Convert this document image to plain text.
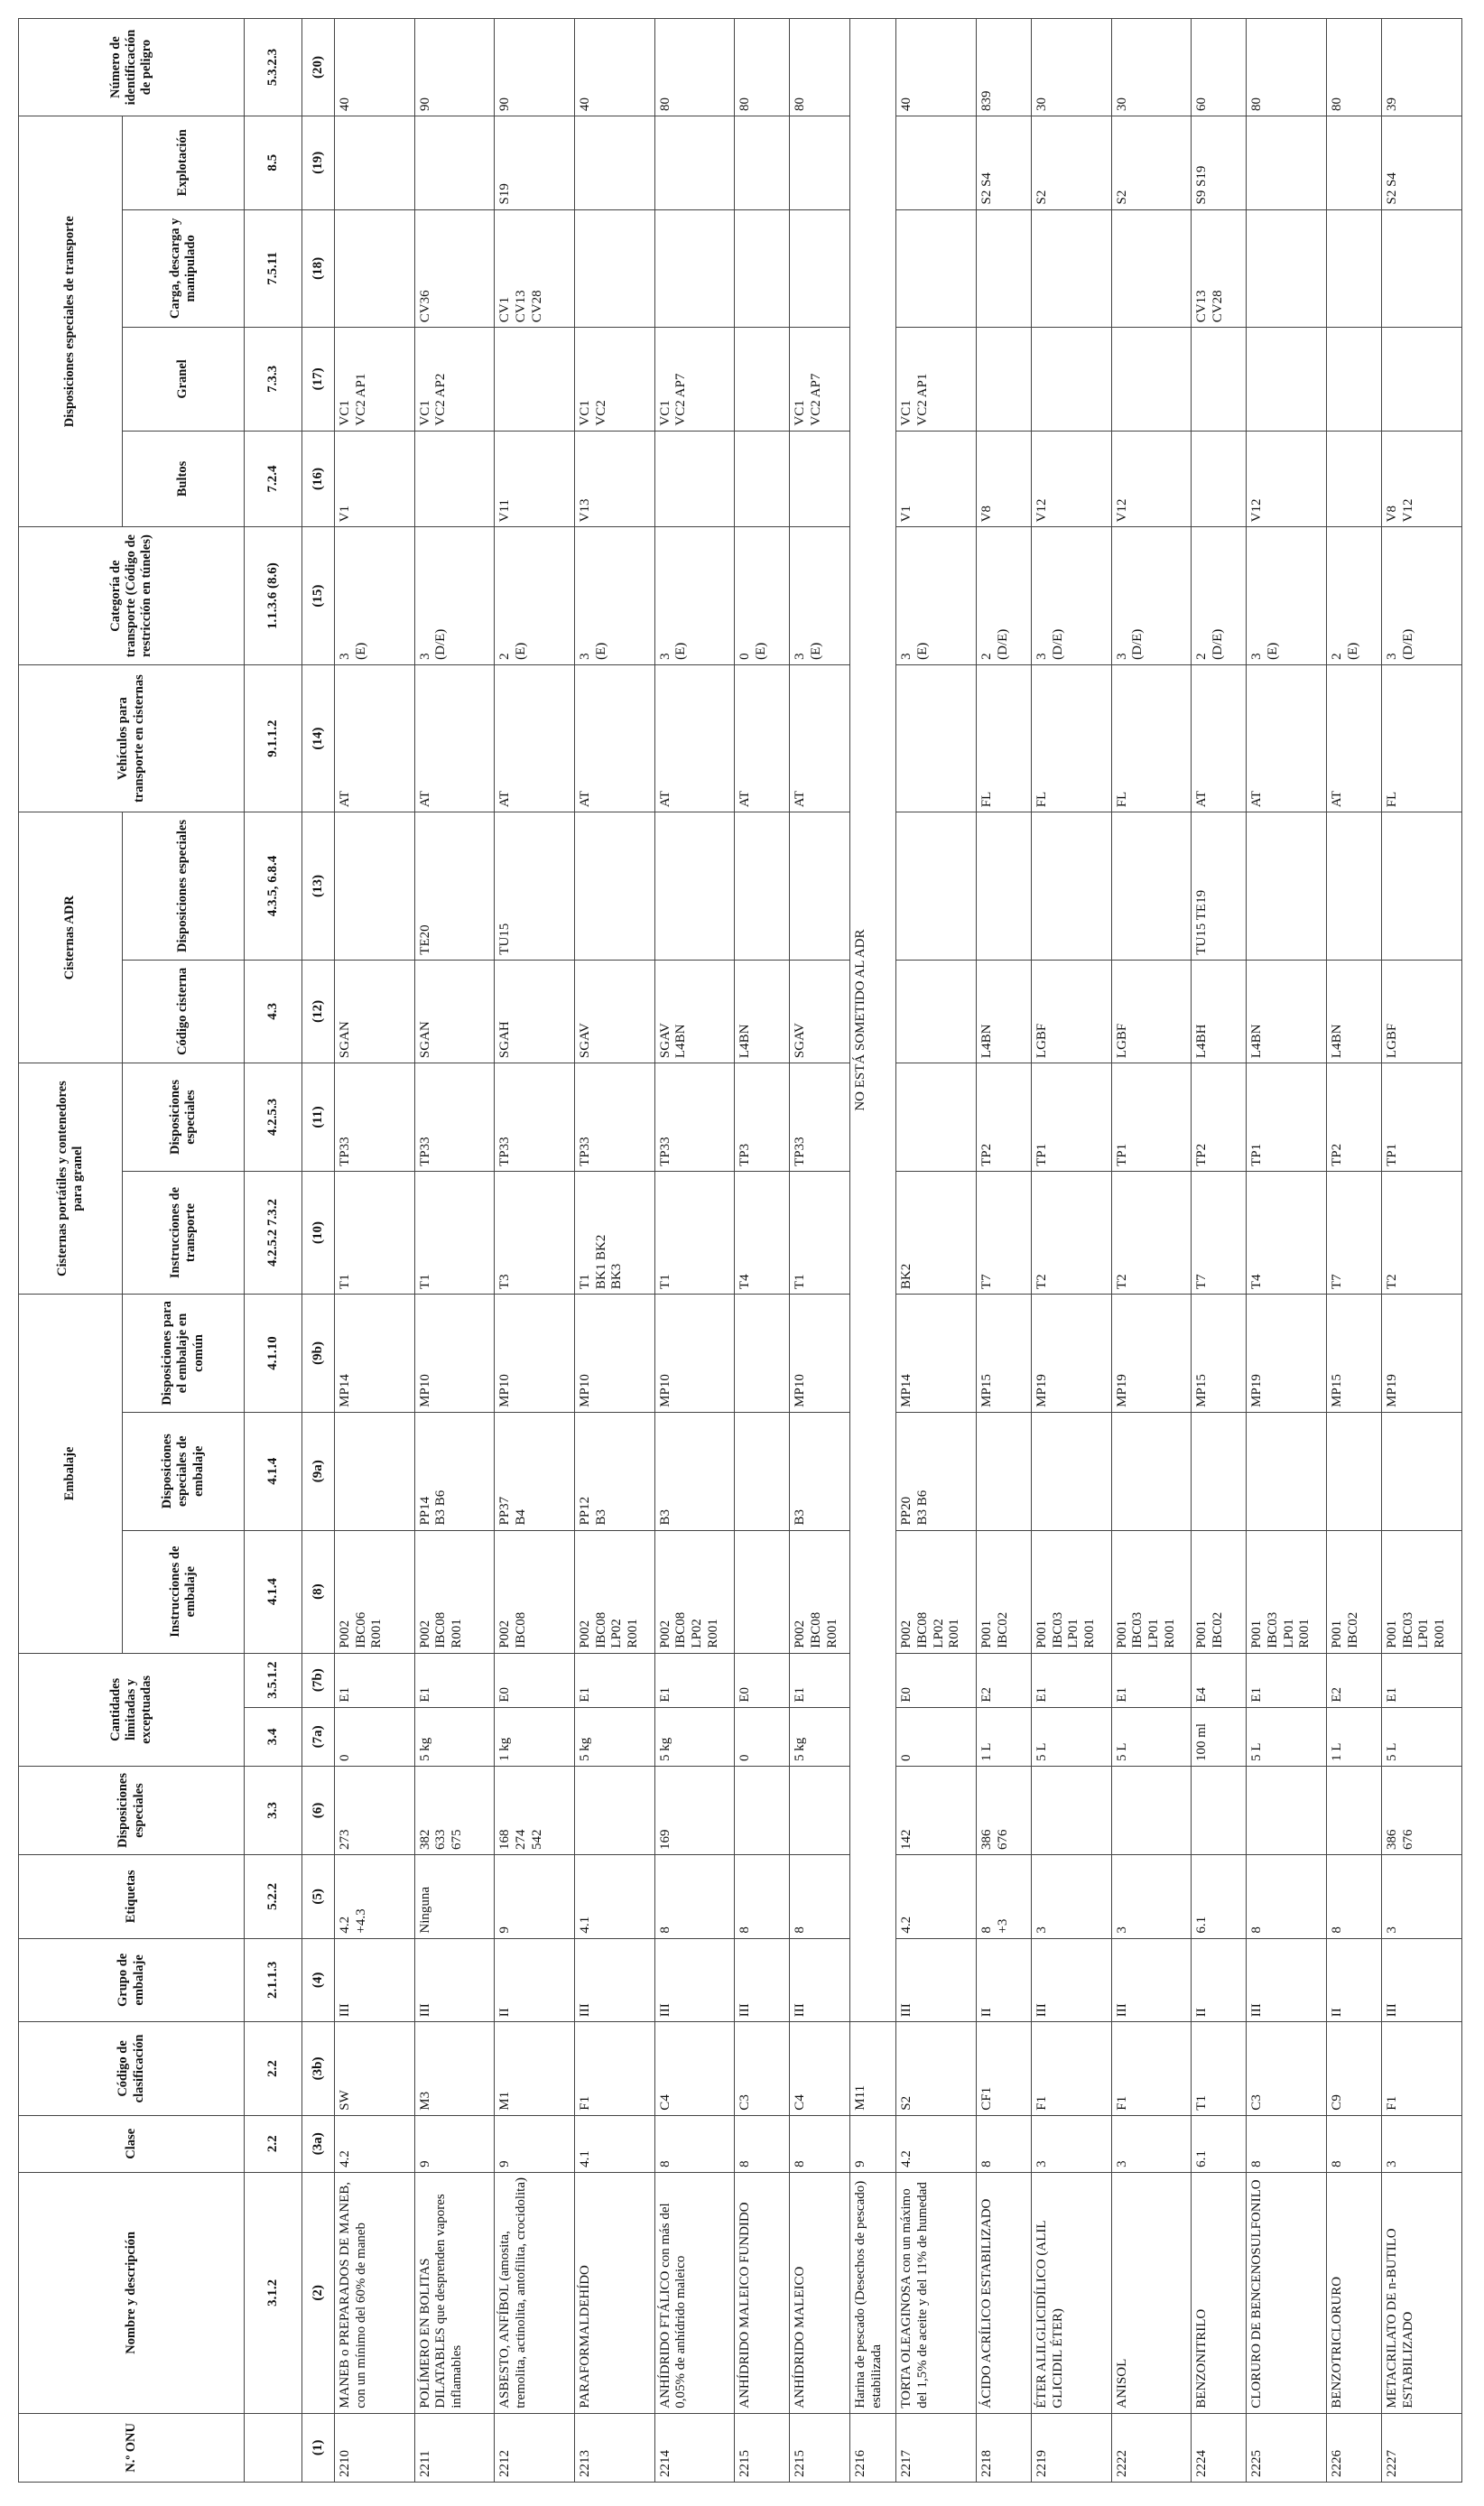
N.º ONU	Nombre y descripción	Clase	Código de clasificación	Grupo de embalaje	Etiquetas	Disposiciones especiales	Cantidades limitadas y exceptuadas		Embalaje			Cisternas portátiles y contenedores para granel		Cisternas ADR		Vehículos para transporte en cisternas	Categoría de transporte (Código de restricción en túneles)	Disposiciones especiales de transporte				Número de identificación de peligro
									Instrucciones de embalaje	Disposiciones especiales de embalaje	Disposiciones para el embalaje en común	Instrucciones de transporte	Disposiciones especiales	Código cisterna	Disposiciones especiales			Bultos	Granel	Carga, descarga y manipulado	Explotación	

	3.1.2	2.2	2.2	2.1.1.3	5.2.2	3.3	3.4	3.5.1.2	4.1.4	4.1.4	4.1.10	4.2.5.2 7.3.2	4.2.5.3	4.3	4.3.5, 6.8.4	9.1.1.2	1.1.3.6 (8.6)	7.2.4	7.3.3	7.5.11	8.5	5.3.2.3

(1)	(2)	(3a)	(3b)	(4)	(5)	(6)	(7a)	(7b)	(8)	(9a)	(9b)	(10)	(11)	(12)	(13)	(14)	(15)	(16)	(17)	(18)	(19)	(20)

2210	MANEB o PREPARADOS DE MANEB, con un mínimo del 60% de maneb	4.2	SW	III	4.2 +4.3	273	0	E1	P002 IBC06 R001		MP14	T1	TP33	SGAN		AT	3 (E)	V1	VC1 VC2 AP1			40

2211	POLÍMERO EN BOLITAS DILATABLES que desprenden vapores inflamables	9	M3	III	Ninguna	382 633 675	5 kg	E1	P002 IBC08 R001	PP14 B3 B6	MP10	T1	TP33	SGAN	TE20	AT	3 (D/E)		VC1 VC2 AP2	CV36		90

2212	ASBESTO, ANFÍBOL (amosita, tremolita, actinolita, antofilita, crocidolita)	9	M1	II	9	168 274 542	1 kg	E0	P002 IBC08	PP37 B4	MP10	T3	TP33	SGAH	TU15	AT	2 (E)	V11		CV1 CV13 CV28	S19	90

2213	PARAFORMALDEHÍDO	4.1	F1	III	4.1		5 kg	E1	P002 IBC08 LP02 R001	PP12 B3	MP10	T1 BK1 BK2 BK3	TP33	SGAV		AT	3 (E)	V13	VC1 VC2			40

2214	ANHÍDRIDO FTÁLICO con más del 0,05% de anhídrido maleico	8	C4	III	8	169	5 kg	E1	P002 IBC08 LP02 R001	B3	MP10	T1	TP33	SGAV L4BN		AT	3 (E)		VC1 VC2 AP7			80

2215	ANHÍDRIDO MALEICO FUNDIDO	8	C3	III	8		0	E0				T4	TP3	L4BN		AT	0 (E)					80

2215	ANHÍDRIDO MALEICO	8	C4	III	8		5 kg	E1	P002 IBC08 R001	B3	MP10	T1	TP33	SGAV		AT	3 (E)		VC1 VC2 AP7			80

2216	Harina de pescado (Desechos de pescado) estabilizada	9	M11	NO ESTÁ SOMETIDO AL ADR																		

2217	TORTA OLEAGINOSA con un máximo del 1,5% de aceite y del 11% de humedad	4.2	S2	III	4.2	142	0	E0	P002 IBC08 LP02 R001	PP20 B3 B6	MP14	BK2					3 (E)	V1	VC1 VC2 AP1			40

2218	ÁCIDO ACRÍLICO ESTABILIZADO	8	CF1	II	8 +3	386 676	1 L	E2	P001 IBC02		MP15	T7	TP2	L4BN		FL	2 (D/E)	V8			S2 S4	839

2219	ÉTER ALILGLICIDÍLICO (ALIL GLICIDIL ÉTER)	3	F1	III	3		5 L	E1	P001 IBC03 LP01 R001		MP19	T2	TP1	LGBF		FL	3 (D/E)	V12			S2	30

2222	ANISOL	3	F1	III	3		5 L	E1	P001 IBC03 LP01 R001		MP19	T2	TP1	LGBF		FL	3 (D/E)	V12			S2	30

2224	BENZONITRILO	6.1	T1	II	6.1		100 ml	E4	P001 IBC02		MP15	T7	TP2	L4BH	TU15 TE19	AT	2 (D/E)			CV13 CV28	S9 S19	60

2225	CLORURO DE BENCENOSULFONILO	8	C3	III	8		5 L	E1	P001 IBC03 LP01 R001		MP19	T4	TP1	L4BN		AT	3 (E)	V12				80

2226	BENZOTRICLORURO	8	C9	II	8		1 L	E2	P001 IBC02		MP15	T7	TP2	L4BN		AT	2 (E)					80

2227	METACRILATO DE n-BUTILO ESTABILIZADO	3	F1	III	3	386 676	5 L	E1	P001 IBC03 LP01 R001		MP19	T2	TP1	LGBF		FL	3 (D/E)	V8 V12			S2 S4	39
